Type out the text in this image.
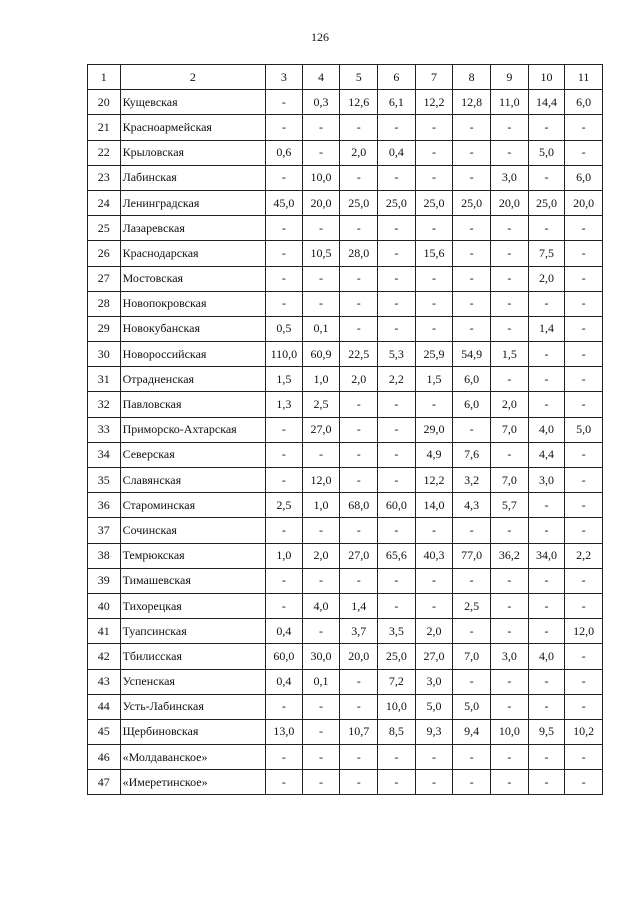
126
1	2	3	4	5	6	7	8	9	10	11
20	Кущевская	-	0,3	12,6	6,1	12,2	12,8	11,0	14,4	6,0
21	Красноармейская	-	-	-	-	-	-	-	-	-
22	Крыловская	0,6	-	2,0	0,4	-	-	-	5,0	-
23	Лабинская	-	10,0	-	-	-	-	3,0	-	6,0
24	Ленинградская	45,0	20,0	25,0	25,0	25,0	25,0	20,0	25,0	20,0
25	Лазаревская	-	-	-	-	-	-	-	-	-
26	Краснодарская	-	10,5	28,0	-	15,6	-	-	7,5	-
27	Мостовская	-	-	-	-	-	-	-	2,0	-
28	Новопокровская	-	-	-	-	-	-	-	-	-
29	Новокубанская	0,5	0,1	-	-	-	-	-	1,4	-
30	Новороссийская	110,0	60,9	22,5	5,3	25,9	54,9	1,5	-	-
31	Отрадненская	1,5	1,0	2,0	2,2	1,5	6,0	-	-	-
32	Павловская	1,3	2,5	-	-	-	6,0	2,0	-	-
33	Приморско-Ахтарская	-	27,0	-	-	29,0	-	7,0	4,0	5,0
34	Северская	-	-	-	-	4,9	7,6	-	4,4	-
35	Славянская	-	12,0	-	-	12,2	3,2	7,0	3,0	-
36	Староминская	2,5	1,0	68,0	60,0	14,0	4,3	5,7	-	-
37	Сочинская	-	-	-	-	-	-	-	-	-
38	Темрюкская	1,0	2,0	27,0	65,6	40,3	77,0	36,2	34,0	2,2
39	Тимашевская	-	-	-	-	-	-	-	-	-
40	Тихорецкая	-	4,0	1,4	-	-	2,5	-	-	-
41	Туапсинская	0,4	-	3,7	3,5	2,0	-	-	-	12,0
42	Тбилисская	60,0	30,0	20,0	25,0	27,0	7,0	3,0	4,0	-
43	Успенская	0,4	0,1	-	7,2	3,0	-	-	-	-
44	Усть-Лабинская	-	-	-	10,0	5,0	5,0	-	-	-
45	Щербиновская	13,0	-	10,7	8,5	9,3	9,4	10,0	9,5	10,2
46	«Молдаванское»	-	-	-	-	-	-	-	-	-
47	«Имеретинское»	-	-	-	-	-	-	-	-	-
